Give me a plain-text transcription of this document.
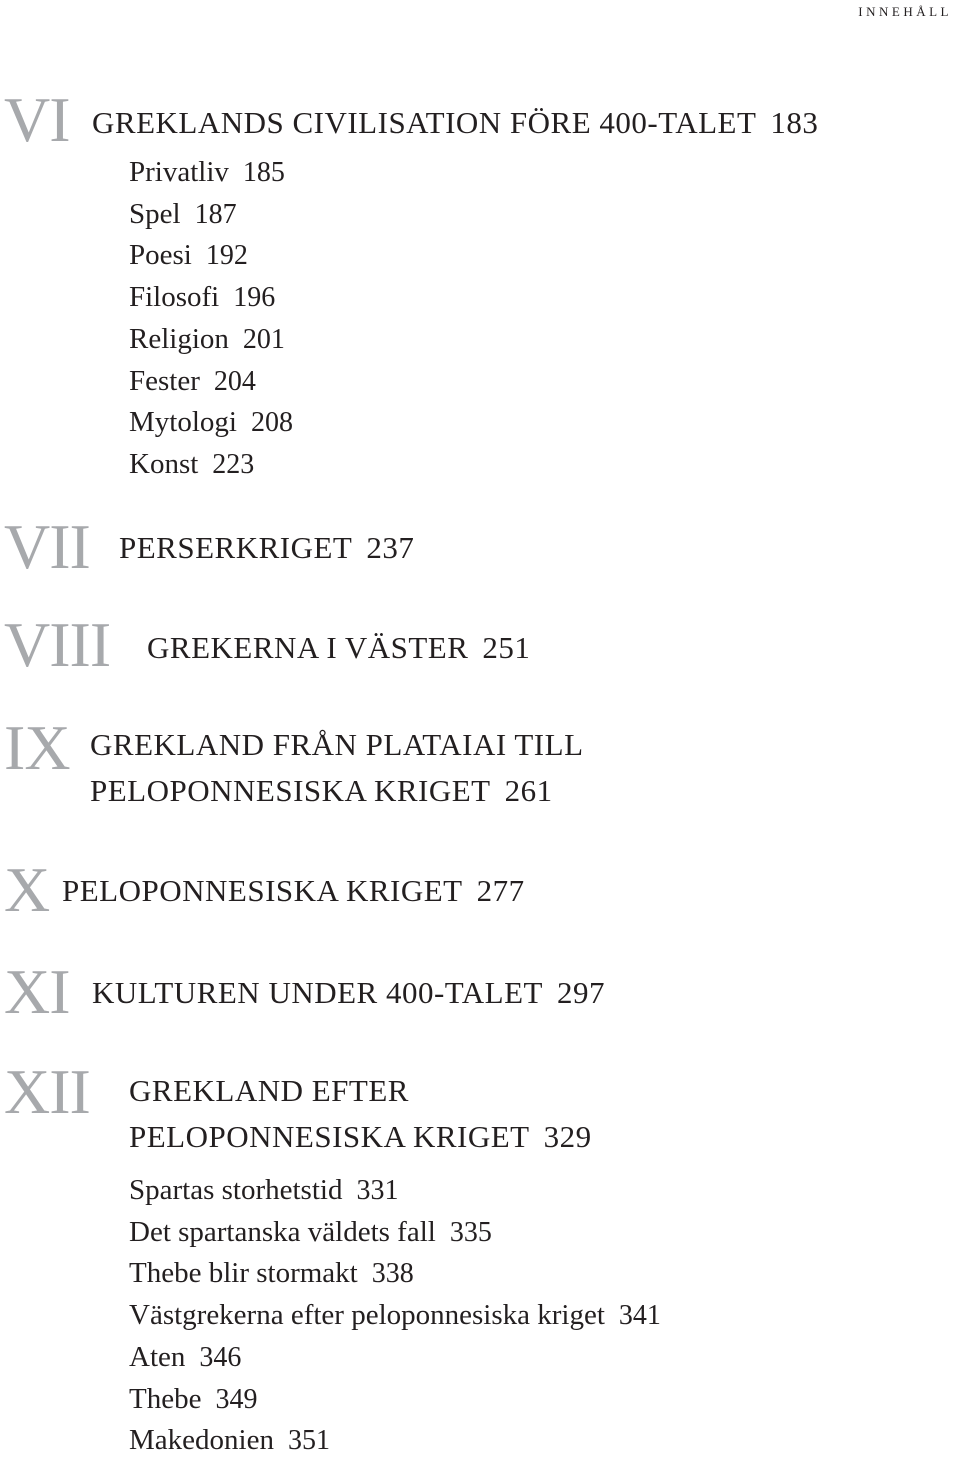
innehåll
VI GREKLANDS CIVILISATION FÖRE 400-TALET 183
Privatliv 185
Spel 187
Poesi 192
Filosofi 196
Religion 201
Fester 204
Mytologi 208
Konst 223
VII PERSERKRIGET 237
VIII GREKERNA I VÄSTER 251
IX GREKLAND FRÅN PLATAIAI TILL
PELOPONNESISKA KRIGET 261
X PELOPONNESISKA KRIGET 277
XI KULTUREN UNDER 400-TALET 297
XII GREKLAND EFTER
PELOPONNESISKA KRIGET 329
Spartas storhetstid 331
Det spartanska väldets fall 335
Thebe blir stormakt 338
Västgrekerna efter peloponnesiska kriget 341
Aten 346
Thebe 349
Makedonien 351
